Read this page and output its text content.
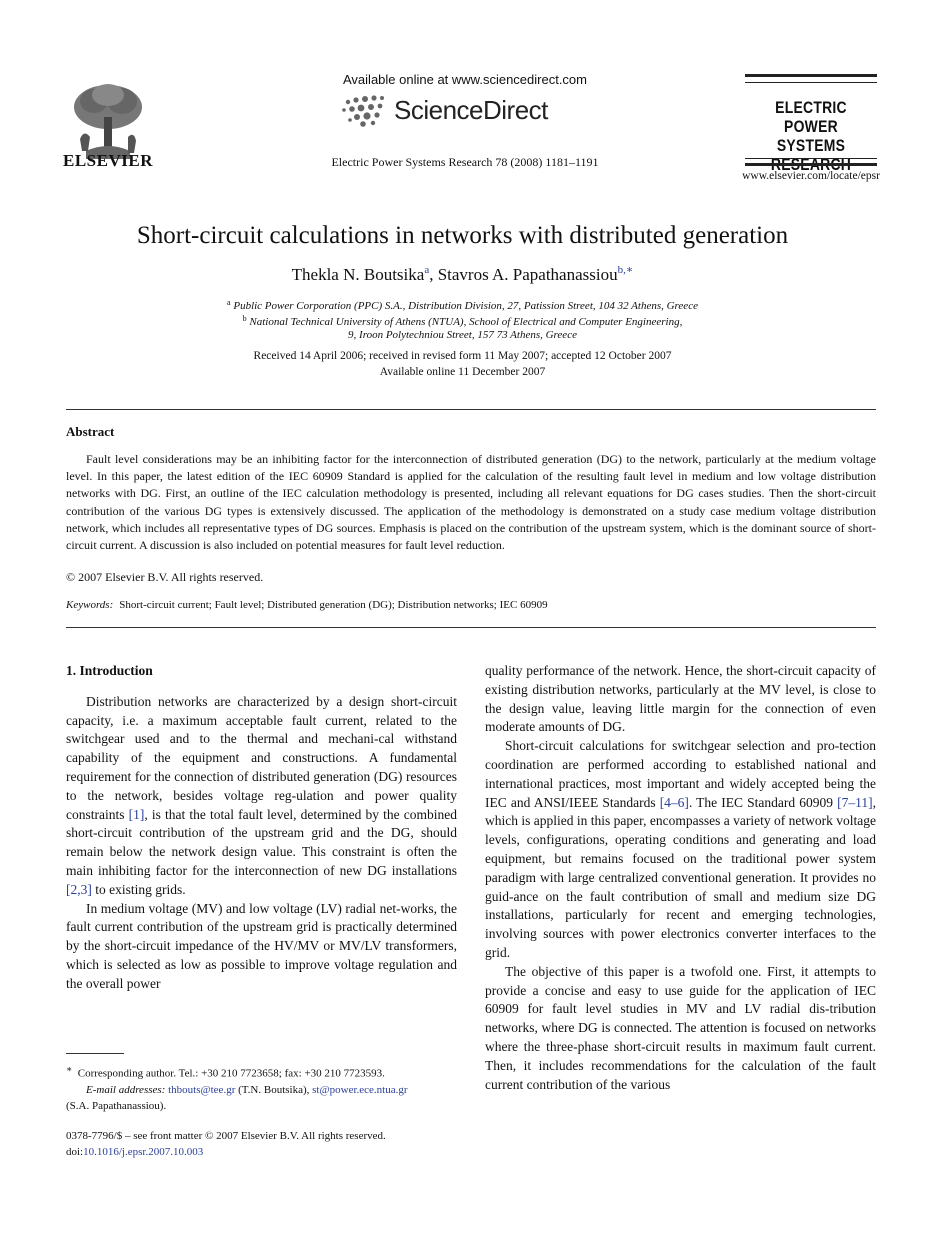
ELSEVIER
Available online at www.sciencedirect.com
ScienceDirect
Electric Power Systems Research 78 (2008) 1181–1191
ELECTRIC POWER
SYSTEMS
www.elsevier.com/locate/epsr
Short-circuit calculations in networks with distributed generation
Thekla N. Boutsika$^a$, Stavros A. Papathanassiou$^{b,∗}$
$^a$ Public Power Corporation (PPC) S.A., Distribution Division, 27, Patission Street, 104 32 Athens, Greece
$^b$ National Technical University of Athens (NTUA), School of Electrical and Computer Engineering,
9, Iroon Polytechniou Street, 157 73 Athens, Greece
Received 14 April 2006; received in revised form 11 May 2007; accepted 12 October 2007
Available online 11 December 2007
Abstract

Fault level considerations may be an inhibiting factor for the interconnection of distributed generation (DG) to the network, particularly at the medium voltage level. In this paper, the latest edition of the IEC 60909 Standard is applied for the calculation of the resulting fault level in medium and low voltage distribution networks with DG. First, an outline of the IEC calculation methodology is presented, including all relevant equations for DG cases studies. Then the short-circuit contribution of the various DG types is extensively discussed. The application of the methodology is demonstrated on a study case medium voltage distribution network, which includes all representative types of DG sources. Emphasis is placed on the contribution of the upstream system, which is the dominant source of short-circuit current. A discussion is also included on potential measures for fault level reduction.

© 2007 Elsevier B.V. All rights reserved.
Keywords: Short-circuit current; Fault level; Distributed generation (DG); Distribution networks; IEC 60909
1. Introduction

Distribution networks are characterized by a design short-circuit capacity, i.e. a maximum acceptable fault current, related to the switchgear used and to the thermal and mechani-cal withstand capability of the equipment and constructions. A fundamental requirement for the connection of distributed generation (DG) resources to the network, besides voltage reg-ulation and power quality constraints [1], is that the total fault level, determined by the combined short-circuit contribution of the upstream grid and the DG, should remain below the network design value. This constraint is often the main inhibiting factor for the interconnection of new DG installations [2,3] to existing grids.

In medium voltage (MV) and low voltage (LV) radial net-works, the fault current contribution of the upstream grid is practically determined by the short-circuit impedance of the HV/MV or MV/LV transformers, which is selected as low as possible to improve voltage regulation and the overall power

quality performance of the network. Hence, the short-circuit capacity of existing distribution networks, particularly at the MV level, is close to the design value, leaving little margin for the connection of even moderate amounts of DG.

Short-circuit calculations for switchgear selection and pro-tection coordination are performed according to established national and international practices, most important and widely accepted being the IEC and ANSI/IEEE Standards [4–6]. The IEC Standard 60909 [7–11], which is applied in this paper, encompasses a variety of network voltage levels, configurations, operating conditions and generating and load equipment, but remains focused on the traditional power system paradigm with large centralized conventional generation. It provides no guid-ance on the fault contribution of small and medium size DG installations, particularly for recent and emerging technologies, involving sources with power electronics converter interfaces to the grid.

The objective of this paper is a twofold one. First, it attempts to provide a concise and easy to use guide for the application of IEC 60909 for fault level studies in MV and LV radial dis-tribution networks, where DG is connected. The attention is focused on networks where the three-phase short-circuit results in maximum fault current. Then, it includes recommendations for the calculation of the fault current contribution of the various

∗ Corresponding author. Tel.: +30 210 7723658; fax: +30 210 7723593.
E-mail addresses: thbouts@tee.gr (T.N. Boutsika), st@power.ece.ntua.gr
(S.A. Papathanassiou).
0378-7796/$ – see front matter © 2007 Elsevier B.V. All rights reserved.
doi:10.1016/j.epsr.2007.10.003
